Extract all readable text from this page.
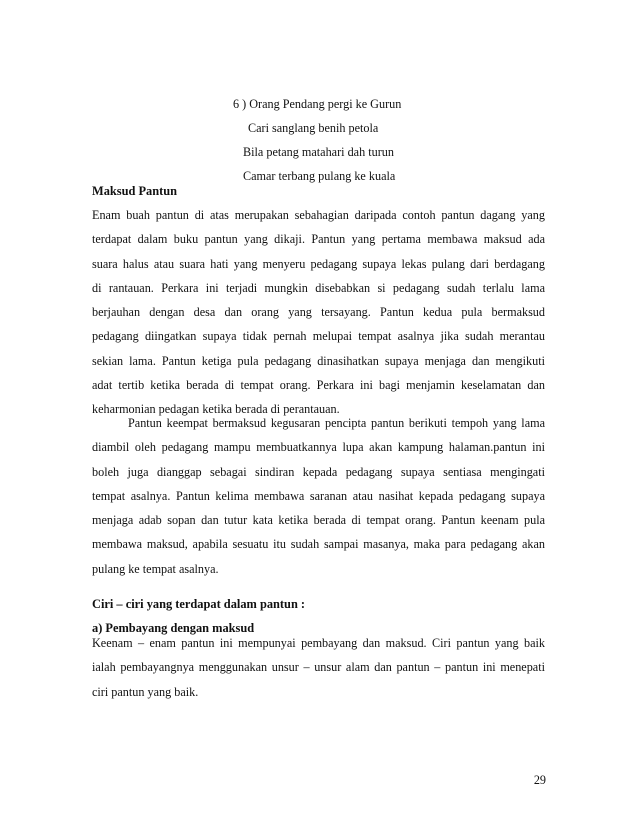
6 ) Orang Pendang pergi ke Gurun
Cari sanglang benih petola
Bila petang matahari dah turun
Camar terbang pulang ke kuala
Maksud Pantun
Enam buah pantun di atas merupakan sebahagian daripada contoh pantun dagang yang
terdapat dalam buku pantun yang dikaji. Pantun yang pertama membawa maksud ada
suara halus atau suara hati yang menyeru pedagang supaya lekas pulang dari berdagang
di rantauan. Perkara ini terjadi mungkin disebabkan si pedagang sudah terlalu lama
berjauhan dengan desa dan orang yang tersayang. Pantun kedua pula bermaksud
pedagang diingatkan supaya tidak pernah melupai tempat asalnya jika sudah merantau
sekian lama. Pantun ketiga pula pedagang dinasihatkan supaya menjaga dan mengikuti
adat tertib ketika berada di tempat orang. Perkara ini bagi menjamin keselamatan dan
keharmonian pedagan ketika berada di perantauan.
Pantun keempat bermaksud kegusaran pencipta pantun berikuti tempoh yang lama
diambil oleh pedagang mampu membuatkannya lupa akan kampung halaman.pantun ini
boleh juga dianggap sebagai sindiran kepada pedagang supaya sentiasa mengingati
tempat asalnya. Pantun kelima membawa saranan atau nasihat kepada pedagang supaya
menjaga adab sopan dan tutur kata ketika berada di tempat orang. Pantun keenam pula
membawa maksud, apabila sesuatu itu sudah sampai masanya, maka para pedagang akan
pulang ke tempat asalnya.
Ciri – ciri yang terdapat dalam pantun :
a) Pembayang dengan maksud
Keenam – enam pantun ini mempunyai pembayang dan maksud. Ciri pantun yang baik
ialah pembayangnya menggunakan unsur – unsur alam dan pantun – pantun ini menepati
ciri pantun yang baik.
29
